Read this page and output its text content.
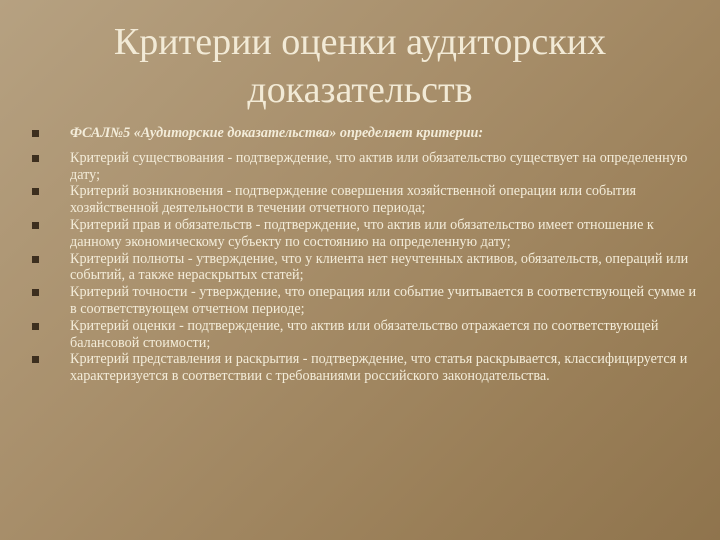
Критерии оценки аудиторских доказательств
ФСАЛ№5 «Аудиторские доказательства» определяет критерии:
Критерий существования - подтверждение, что актив или обязательство существует на определенную дату;
Критерий возникновения - подтверждение совершения хозяйственной операции или события хозяйственной деятельности в течении отчетного периода;
Критерий прав и обязательств - подтверждение, что актив или обязательство имеет отношение к данному экономическому субъекту по состоянию на определенную дату;
Критерий полноты - утверждение, что у клиента нет неучтенных активов, обязательств, операций или событий, а также нераскрытых статей;
Критерий точности - утверждение, что операция или событие учитывается в соответствующей сумме и в соответствующем отчетном периоде;
Критерий оценки - подтверждение, что актив или обязательство отражается по соответствующей балансовой стоимости;
Критерий представления и раскрытия - подтверждение, что статья раскрывается, классифицируется и характеризуется в соответствии с требованиями российского законодательства.
